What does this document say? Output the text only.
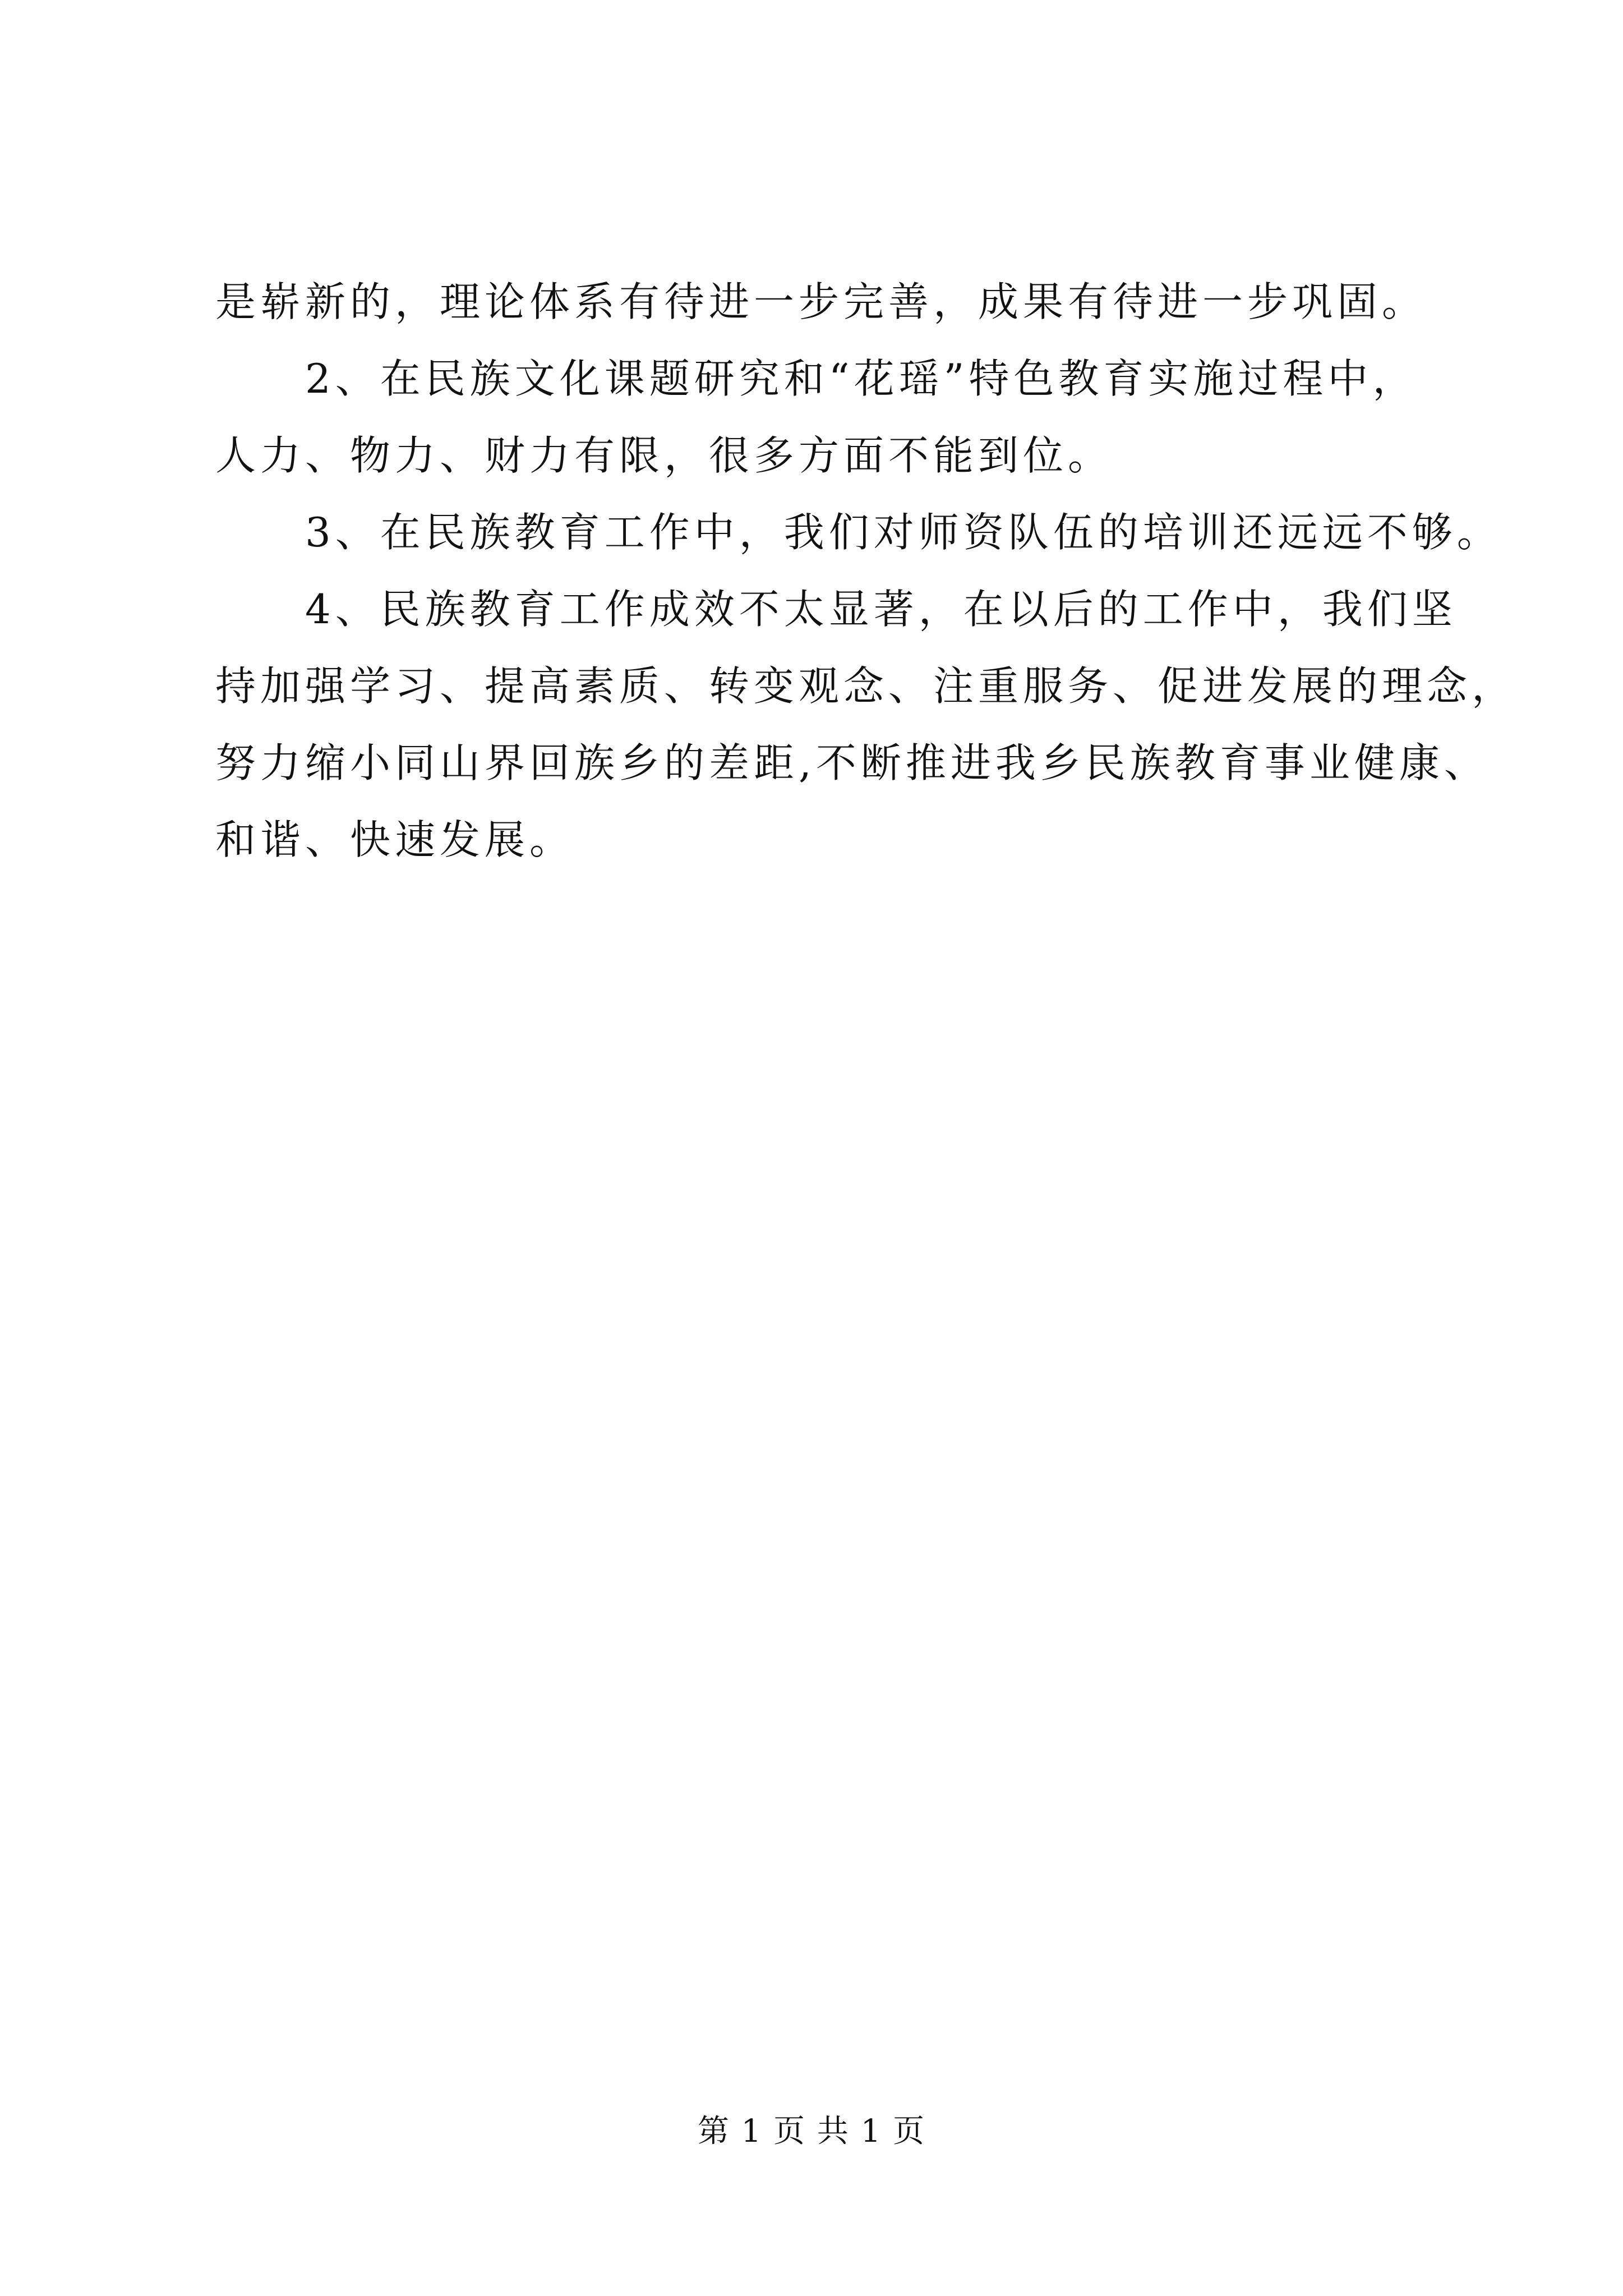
是崭新的，理论体系有待进一步完善，成果有待进一步巩固。
2、在民族文化课题研究和“花瑶”特色教育实施过程中，
人力、物力、财力有限，很多方面不能到位。
3、在民族教育工作中，我们对师资队伍的培训还远远不够。
4、民族教育工作成效不太显著，在以后的工作中，我们坚
持加强学习、提高素质、转变观念、注重服务、促进发展的理念，
努力缩小同山界回族乡的差距,不断推进我乡民族教育事业健康、
和谐、快速发展。
第 1 页 共 1 页
